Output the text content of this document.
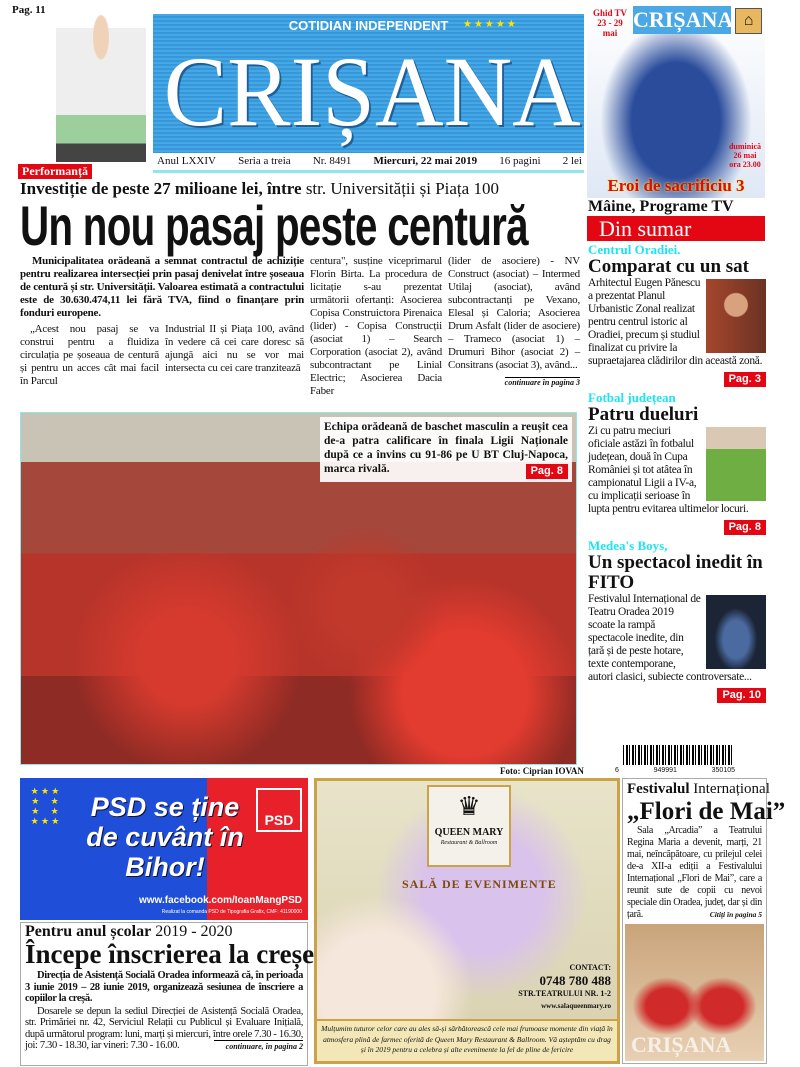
Pag. 11
Performanță
COTIDIAN INDEPENDENT	★★★★★
CRIȘANA
Anul LXXIV Seria a treia Nr. 8491 Miercuri, 22 mai 2019 16 pagini 2 lei
Investiție de peste 27 milioane lei, între str. Universității și Piața 100
Un nou pasaj peste centură

Municipalitatea orădeană a semnat contractul de achiziție pentru realizarea intersecției prin pasaj denivelat între șoseaua de centură și str. Universității. Valoarea estimată a contractului este de 30.630.474,11 lei fără TVA, fiind o finanțare prin fonduri europene.

„Acest nou pasaj se va construi pentru a fluidiza circulația pe șoseaua de centură și pentru un acces cât mai facil în Parcul

Industrial II și Piața 100, având în vedere că cei care doresc să ajungă aici nu se vor mai intersecta cu cei care tranzitează

centura", susține viceprimarul Florin Birta. La procedura de licitație s-au prezentat următorii ofertanți: Asocierea Copisa Construictora Pirenaica (lider) - Copisa Construcții (asociat 1) – Search Corporation (asociat 2), având subcontractant pe Linial Electric; Asocierea Dacia Faber

(lider de asociere) - NV Construct (asociat) – Intermed Utilaj (asociat), având subcontractanți pe Vexano, Elesal și Caloria; Asocierea Drum Asfalt (lider de asociere) – Trameco (asociat 1) – Drumuri Bihor (asociat 2) – Consitrans (asociat 3), având...

continuare în pagina 3
Echipa orădeană de baschet masculin a reușit cea de-a patra calificare în finala Ligii Naționale după ce a învins cu 91-86 pe U BT Cluj-Napoca, marca rivală.	Pag. 8
Foto: Ciprian IOVAN
Ghid TV
23 - 29 mai
CRIȘANA ⌂
duminică 26 mai ora 23.00
Eroi de sacrificiu 3
Mâine, Programe TV
Din sumar
Centrul Oradiei.
Comparat cu un sat

Arhitectul Eugen Pănescu a prezentat Planul Urbanistic Zonal realizat pentru centrul istoric al Oradiei, precum și studiul finalizat cu privire la supraetajarea clădirilor din această zonă.

Pag. 3
Fotbal județean
Patru dueluri

Zi cu patru meciuri oficiale astăzi în fotbalul județean, două în Cupa României și tot atâtea în campionatul Ligii a IV-a, cu implicații serioase în lupta pentru evitarea ultimelor locuri.

Pag. 8
Medea's Boys,
Un spectacol inedit în FITO

Festivalul Internațional de Teatru Oradea 2019 scoate la rampă spectacole inedite, din țară și de peste hotare, texte contemporane, autori clasici, subiecte controversate...

Pag. 10
6	949991	350105
★ ★ ★
★     ★
★     ★
★ ★ ★	PSD se ține de cuvânt în Bihor!
PSD
www.facebook.com/IoanMangPSD
Realizat la comanda PSD de Tipografia Grafix, CMF: 41190000
Pentru anul școlar 2019 - 2020
Începe înscrierea la creșe

Direcția de Asistență Socială Oradea informează că, în perioada 3 iunie 2019 – 28 iunie 2019, organizează sesiunea de înscriere a copiilor la creșă.

Dosarele se depun la sediul Direcției de Asistență Socială Oradea, str. Primăriei nr. 42, Serviciul Relații cu Publicul și Evaluare Inițială, după următorul program: luni, marți și miercuri, între orele 7.30 - 16.30, joi: 7.30 - 18.30, iar vineri: 7.30 - 16.00.	continuare, în pagina 2

♛
QUEEN MARY
Restaurant & Ballroom
SALĂ DE EVENIMENTE
CONTACT:
0748 780 488
STR.TEATRULUI NR. 1-2
www.salaqueenmary.ro
Mulțumim tuturor celor care au ales să-și sărbătorească cele mai frumoase momente din viață în atmosfera plină de farmec oferită de Queen Mary Restaurant & Ballroom. Vă așteptăm cu drag și în 2019 pentru a celebra și alte evenimente la fel de pline de fericire
Festivalul Internațional
„Flori de Mai”

Sala „Arcadia” a Teatrului Regina Maria a devenit, marți, 21 mai, neîncăpătoare, cu prilejul celei de-a XII-a ediții a Festivalului Internațional „Flori de Mai”, care a reunit sute de copii cu nevoi speciale din Oradea, județ, dar și din țară.	Citiți în pagina 5

CRIȘANA
